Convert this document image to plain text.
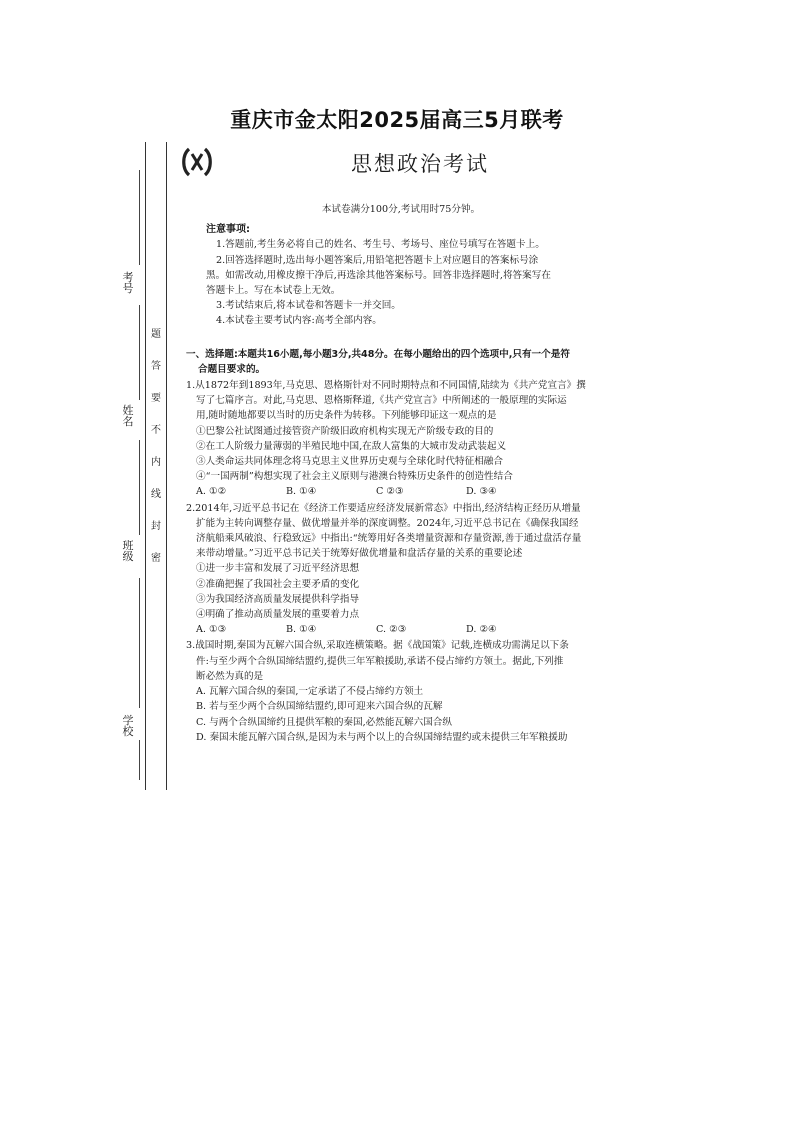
重庆市金太阳2025届高三5月联考
考号
姓名
班级
学校
题
答
要
不
内
线
封
密
思想政治考试

本试卷满分100分,考试用时75分钟。

注意事项:

1.答题前,考生务必将自己的姓名、考生号、考场号、座位号填写在答题卡上。

2.回答选择题时,选出每小题答案后,用铅笔把答题卡上对应题目的答案标号涂

黑。如需改动,用橡皮擦干净后,再选涂其他答案标号。回答非选择题时,将答案写在

答题卡上。写在本试卷上无效。

3.考试结束后,将本试卷和答题卡一并交回。

4.本试卷主要考试内容:高考全部内容。

一、选择题:本题共16小题,每小题3分,共48分。在每小题给出的四个选项中,只有一个是符
合题目要求的。

1.从1872年到1893年,马克思、恩格斯针对不同时期特点和不同国情,陆续为《共产党宣言》撰

写了七篇序言。对此,马克思、恩格斯释道,《共产党宣言》中所阐述的一般原理的实际运

用,随时随地都要以当时的历史条件为转移。下列能够印证这一观点的是

①巴黎公社试图通过接管资产阶级旧政府机构实现无产阶级专政的目的

②在工人阶级力量薄弱的半殖民地中国,在敌人富集的大城市发动武装起义

③人类命运共同体理念将马克思主义世界历史观与全球化时代特征相融合

④“一国两制”构想实现了社会主义原则与港澳台特殊历史条件的创造性结合

A. ①②	B. ①④	C ②③	D. ③④

2.2014年,习近平总书记在《经济工作要适应经济发展新常态》中指出,经济结构正经历从增量

扩能为主转向调整存量、做优增量并举的深度调整。2024年,习近平总书记在《确保我国经

济航船乘风破浪、行稳致远》中指出:“统筹用好各类增量资源和存量资源,善于通过盘活存量

来带动增量。”习近平总书记关于统筹好做优增量和盘活存量的关系的重要论述

①进一步丰富和发展了习近平经济思想

②准确把握了我国社会主要矛盾的变化

③为我国经济高质量发展提供科学指导

④明确了推动高质量发展的重要着力点

A. ①③	B. ①④	C. ②③	D. ②④

3.战国时期,秦国为瓦解六国合纵,采取连横策略。据《战国策》记载,连横成功需满足以下条

件:与至少两个合纵国缔结盟约,提供三年军粮援助,承诺不侵占缔约方领土。据此,下列推

断必然为真的是

A. 瓦解六国合纵的秦国,一定承诺了不侵占缔约方领土

B. 若与至少两个合纵国缔结盟约,即可迎来六国合纵的瓦解

C. 与两个合纵国缔约且提供军粮的秦国,必然能瓦解六国合纵

D. 秦国未能瓦解六国合纵,是因为未与两个以上的合纵国缔结盟约或未提供三年军粮援助
